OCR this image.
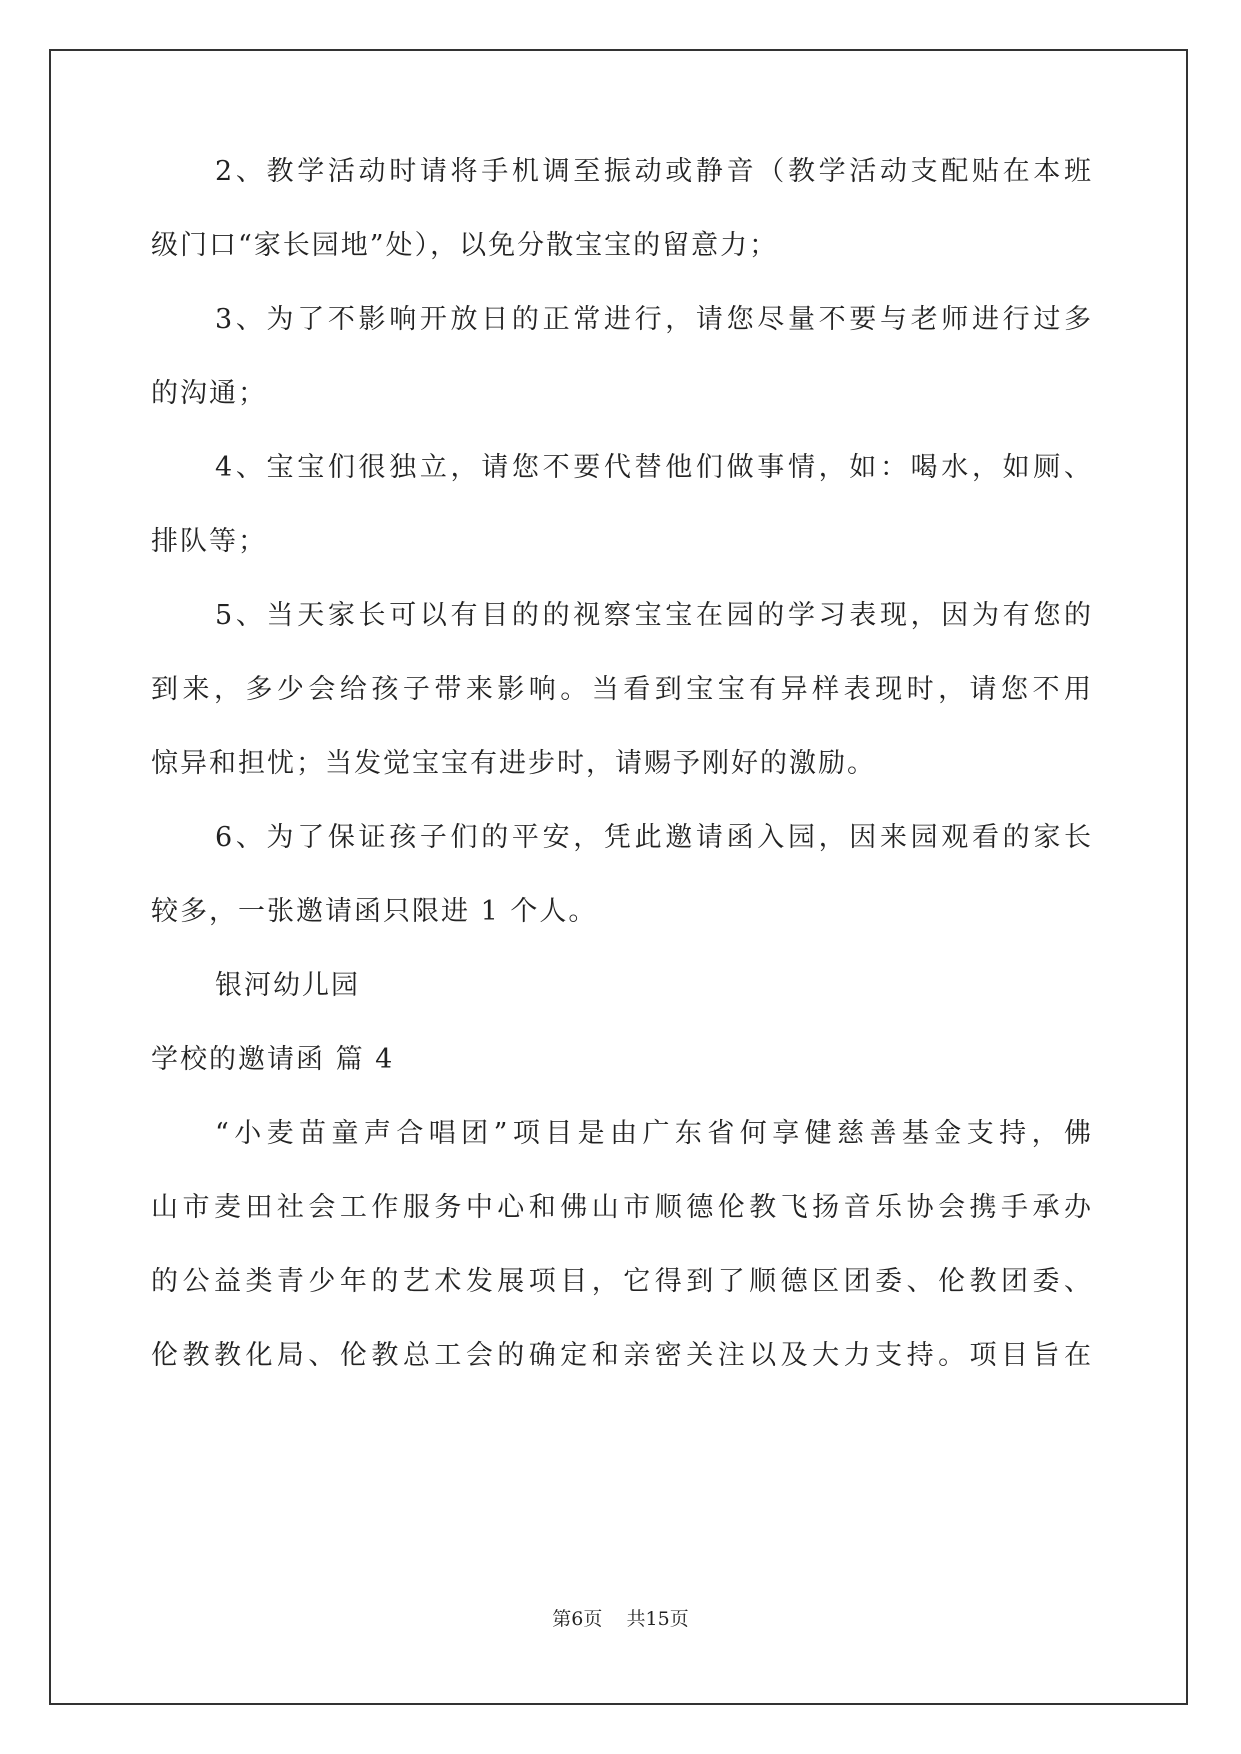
2、教学活动时请将手机调至振动或静音（教学活动支配贴在本班
级门口“家长园地”处），以免分散宝宝的留意力；
3、为了不影响开放日的正常进行，请您尽量不要与老师进行过多
的沟通；
4、宝宝们很独立，请您不要代替他们做事情，如：喝水，如厕、
排队等；
5、当天家长可以有目的的视察宝宝在园的学习表现，因为有您的
到来，多少会给孩子带来影响。当看到宝宝有异样表现时，请您不用
惊异和担忧；当发觉宝宝有进步时，请赐予刚好的激励。
6、为了保证孩子们的平安，凭此邀请函入园，因来园观看的家长
较多，一张邀请函只限进 1 个人。
银河幼儿园
学校的邀请函 篇 4
“小麦苗童声合唱团”项目是由广东省何享健慈善基金支持，佛
山市麦田社会工作服务中心和佛山市顺德伦教飞扬音乐协会携手承办
的公益类青少年的艺术发展项目，它得到了顺德区团委、伦教团委、
伦教教化局、伦教总工会的确定和亲密关注以及大力支持。项目旨在
第6页 共15页
